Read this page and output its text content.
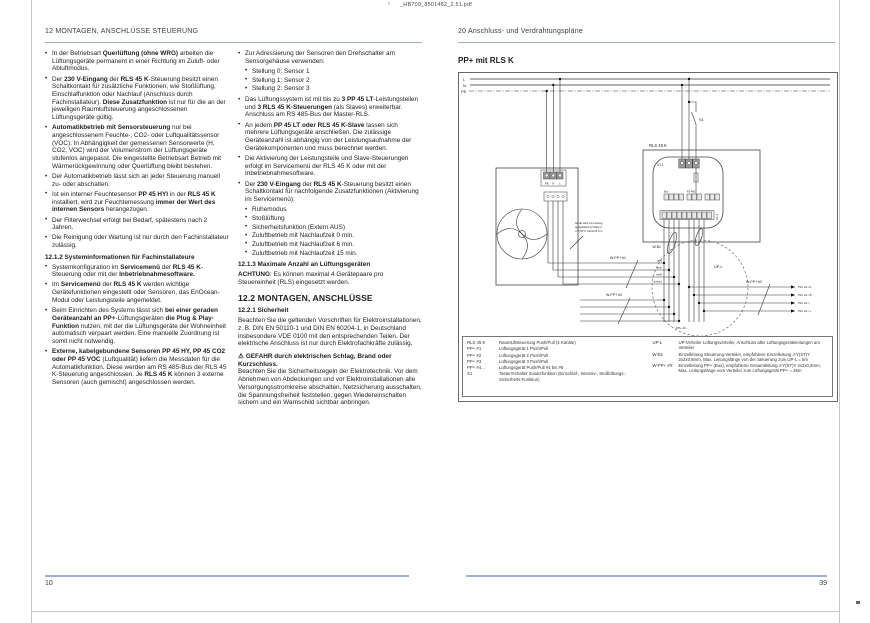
¹ _HB709_8501482_2.51.pdf
12 MONTAGEN, ANSCHLÜSSE STEUERUNG
• In der Betriebsart Querlüftung (ohne WRG) arbeiten die Lüftungsgeräte permanent in einer Richtung im Zuluft- oder Abluftmodus.
• Der 230 V-Eingang der RLS 45 K-Steuerung besitzt einen Schaltkontakt für zusätzliche Funktionen, wie Stoßlüftung, Einschlaffunktion oder Nachlauf (Anschluss durch Fachinstallateur). Diese Zusatzfunktion ist nur für die an der jeweiligen Raumluftsteuerung angeschlossenen Lüftungsgeräte gültig.
• Automatikbetrieb mit Sensorsteuerung nur bei angeschlossenem Feuchte-, CO2- oder Luftqualitätssensor (VOC). In Abhängigkeit der gemessenen Sensorwerte (H, CO2, VOC) wird der Volumenstrom der Lüftungsgeräte stufenlos angepasst. Die eingestellte Betriebsart Betrieb mit Wärmerückgewinnung oder Querlüftung bleibt bestehen.
• Der Automatikbetrieb lässt sich an jeder Steuerung manuell zu- oder abschalten.
• Ist ein interner Feuchtesensor PP 45 HYI in der RLS 45 K installiert, wird zur Feuchtemessung immer der Wert des internen Sensors herangezogen.
• Der Filterwechsel erfolgt bei Bedarf, spätestens nach 2 Jahren.
• Die Reinigung oder Wartung ist nur durch den Fachinstallateur zulässig.
12.1.2 Systeminformationen für Fachinstallateure
• Systemkonfiguration im Servicemenü der RLS 45 K-Steuerung oder mit der Inbetriebnahmesoftware.
• Im Servicemenü der RLS 45 K werden wichtige Gerätefunktionen eingestellt oder Sensoren, das EnOcean-Modul oder Leistungsteile angemeldet.
• Beim Einrichten des Systems lässt sich bei einer geraden Geräteanzahl an PP+-Lüftungsgeräten die Plug & Play-Funktion nutzen, mit der die Lüftungsgeräte der Wohneinheit automatisch verpaart werden. Eine manuelle Zuordnung ist somit nicht notwendig.
• Externe, kabelgebundene Sensoren PP 45 HY, PP 45 CO2 oder PP 45 VOC (Luftqualität) liefern die Messdaten für die Automatikfunktion. Diese werden am RS 485-Bus der RLS 45 K-Steuerung angeschlossen. Je RLS 45 K können 3 externe Sensoren (auch gemischt) angeschlossen werden.
• Zur Adressierung der Sensoren den Drehschalter am Sensorgehäuse verwenden:
• Stellung 0: Sensor 1
• Stellung 1: Sensor 2
• Stellung 2: Sensor 3
• Das Lüftungssystem ist mit bis zu 3 PP 45 LT-Leistungsteilen und 3 RLS 45 K-Steuerungen (als Slaves) erweiterbar. Anschluss am RS 485-Bus der Master-RLS.
• An jedem PP 45 LT oder RLS 45 K-Slave lassen sich mehrere Lüftungsgeräte anschließen. Die zulässige Geräteanzahl ist abhängig von der Leistungsaufnahme der Gerätekomponenten und muss berechnet werden.
• Die Aktivierung der Leistungsteile und Slave-Steuerungen erfolgt im Servicemenü der RLS 45 K oder mit der Inbetriebnahmesoftware.
• Der 230 V-Eingang der RLS 45 K-Steuerung besitzt einen Schaltkontakt für nachfolgende Zusatzfunktionen (Aktivierung im Servicemenü):
• Ruhemodus
• Stoßlüftung
• Sicherheitsfunktion (Extern AUS)
• Zuluftbetrieb mit Nachlaufzeit 0 min.
• Zuluftbetrieb mit Nachlaufzeit 6 min.
• Zuluftbetrieb mit Nachlaufzeit 15 min.
12.1.3 Maximale Anzahl an Lüftungsgeräten
ACHTUNG: Es können maximal 4 Gerätepaare pro Steuereinheit (RLS) eingesetzt werden.
12.2 MONTAGEN, ANSCHLÜSSE
12.2.1 Sicherheit
Beachten Sie die geltenden Vorschriften für Elektroinstallationen, z. B. DIN EN 50110-1 und DIN EN 60204-1, in Deutschland insbesondere VDE 0100 mit den entsprechenden Teilen. Der elektrische Anschluss ist nur durch Elektrofachkräfte zulässig.
⚠ GEFAHR durch elektrischen Schlag, Brand oder Kurzschluss.
Beachten Sie die Sicherheitsregeln der Elektrotechnik. Vor dem Abnehmen von Abdeckungen und vor Elektroinstallationen alle Versorgungsstromkreise abschalten, Netzsicherung ausschalten, die Spannungsfreiheit feststellen, gegen Wiedereinschalten sichern und ein Warnschild sichtbar anbringen.
10
20 Anschluss- und Verdrahtungspläne
PP+ mit RLS K
L
N
PE
PE N L
Gerät wird mit Leitung
ausgeliefert (2 Meter)
J-Y(ST)Y 2x2x0,8 mm
W-PP+ #1
gelb
grün
weiß
(braun)
S1
RLS 45 K
X1.1
Bus	RS 485
X1.2
W-B1
UP-L
PP+ #1...
W-PP+ #3
W-PP+ #2
PP+ #2 / A
PP+ #2 / B
PP+ #2 / -
PP+ #2 / +
RLS 45 K	Raumluftsteuerung Push/Pull (4 Kanäle)
PP+ #1	Lüftungsgerät 1 Push/Pull
PP+ #2	Lüftungsgerät 2 Push/Pull
PP+ #3	Lüftungsgerät 3 Push/Pull
PP+ #4...	Lüftungsgerät Push/Pull #4 bis #6
S1	Taster/Schalter Zusatzfunktion (Einschlaf-, Intensiv-, Stoßlüftungs-, Sicherheits-Funktion)
UP-L	UP-Verteiler Lüftungsverteiler, Anschluss aller Lüftungsgeräteleitungen am Verteiler
W-B1	Einzelleitung Steuerung-Verteiler, empfohlene Einzelleitung J-Y(ST)Y 2x2x0,8mm, Max. Leitungslänge von der Steuerung zum UP-L = 5m
W-PP+ #X	Einzelleitung PP+ (Bus), empfohlene Gesamtleitung J-Y(ST)Y 2x2x0,8mm, Max. Leitungslänge vom Verteiler zum Lüftungsgerät PP+ = 25m
39
